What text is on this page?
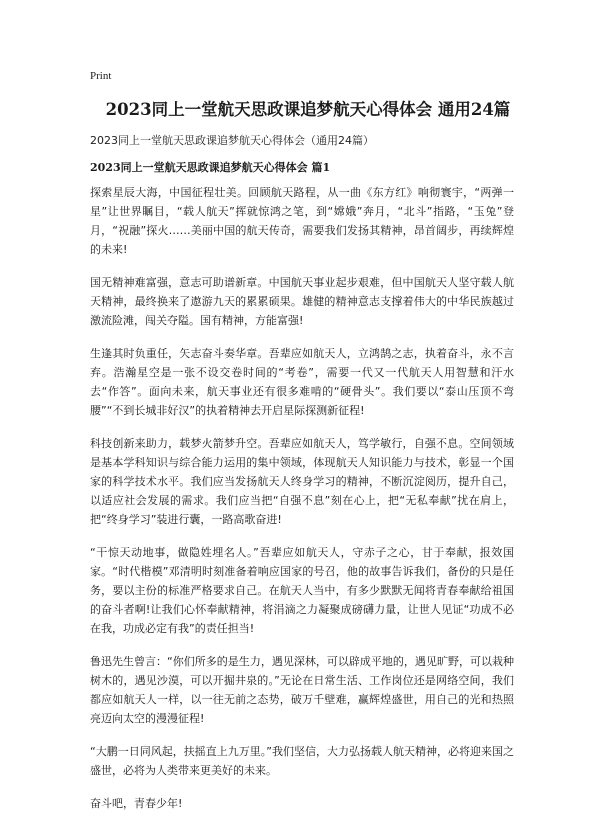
Print
2023同上一堂航天思政课追梦航天心得体会 通用24篇
2023同上一堂航天思政课追梦航天心得体会（通用24篇）
2023同上一堂航天思政课追梦航天心得体会 篇1

探索星辰大海，中国征程壮美。回顾航天路程，从一曲《东方红》响彻寰宇，“两弹一星”让世界瞩目，“载人航天”挥就惊鸿之笔，到“嫦娥”奔月，“北斗”指路，“玉兔”登月，“祝融”探火……美丽中国的航天传奇，需要我们发扬其精神，昂首阔步，再续辉煌的未来!

国无精神难富强，意志可助谱新章。中国航天事业起步艰难，但中国航天人坚守载人航天精神，最终换来了遨游九天的累累硕果。雄健的精神意志支撑着伟大的中华民族越过激流险滩，闯关夺隘。国有精神，方能富强!

生逢其时负重任，矢志奋斗奏华章。吾辈应如航天人，立鸿鹄之志，执着奋斗，永不言弃。浩瀚星空是一张不设交卷时间的“考卷”，需要一代又一代航天人用智慧和汗水去“作答”。面向未来，航天事业还有很多难啃的“硬骨头”。我们要以“泰山压顶不弯腰”“不到长城非好汉”的执着精神去开启星际探测新征程!

科技创新来助力，载梦火箭梦升空。吾辈应如航天人，笃学敏行，自强不息。空间领域是基本学科知识与综合能力运用的集中领域，体现航天人知识能力与技术，彰显一个国家的科学技术水平。我们应当发扬航天人终身学习的精神，不断沉淀阅历，提升自己，以适应社会发展的需求。我们应当把“自强不息”刻在心上，把“无私奉献”扰在肩上，把“终身学习”装进行囊，一路高歌奋进!

“干惊天动地事，做隐姓埋名人。”吾辈应如航天人，守赤子之心，甘于奉献，报效国家。“时代楷模”邓清明时刻准备着响应国家的号召，他的故事告诉我们，备份的只是任务，要以主份的标准严格要求自己。在航天人当中，有多少默默无闻将青春奉献给祖国的奋斗者啊!让我们心怀奉献精神，将涓滴之力凝聚成磅礴力量，让世人见证“功成不必在我，功成必定有我”的责任担当!

鲁迅先生曾言：“你们所多的是生力，遇见深林，可以辟成平地的，遇见旷野，可以栽种树木的，遇见沙漠，可以开掘井泉的。”无论在日常生活、工作岗位还是网络空间，我们都应如航天人一样，以一往无前之态势，破万千壁难，赢辉煌盛世，用自己的光和热照亮迈向太空的漫漫征程!

“大鹏一日同风起，扶摇直上九万里。”我们坚信，大力弘扬载人航天精神，必将迎来国之盛世，必将为人类带来更美好的未来。

奋斗吧，青春少年!
